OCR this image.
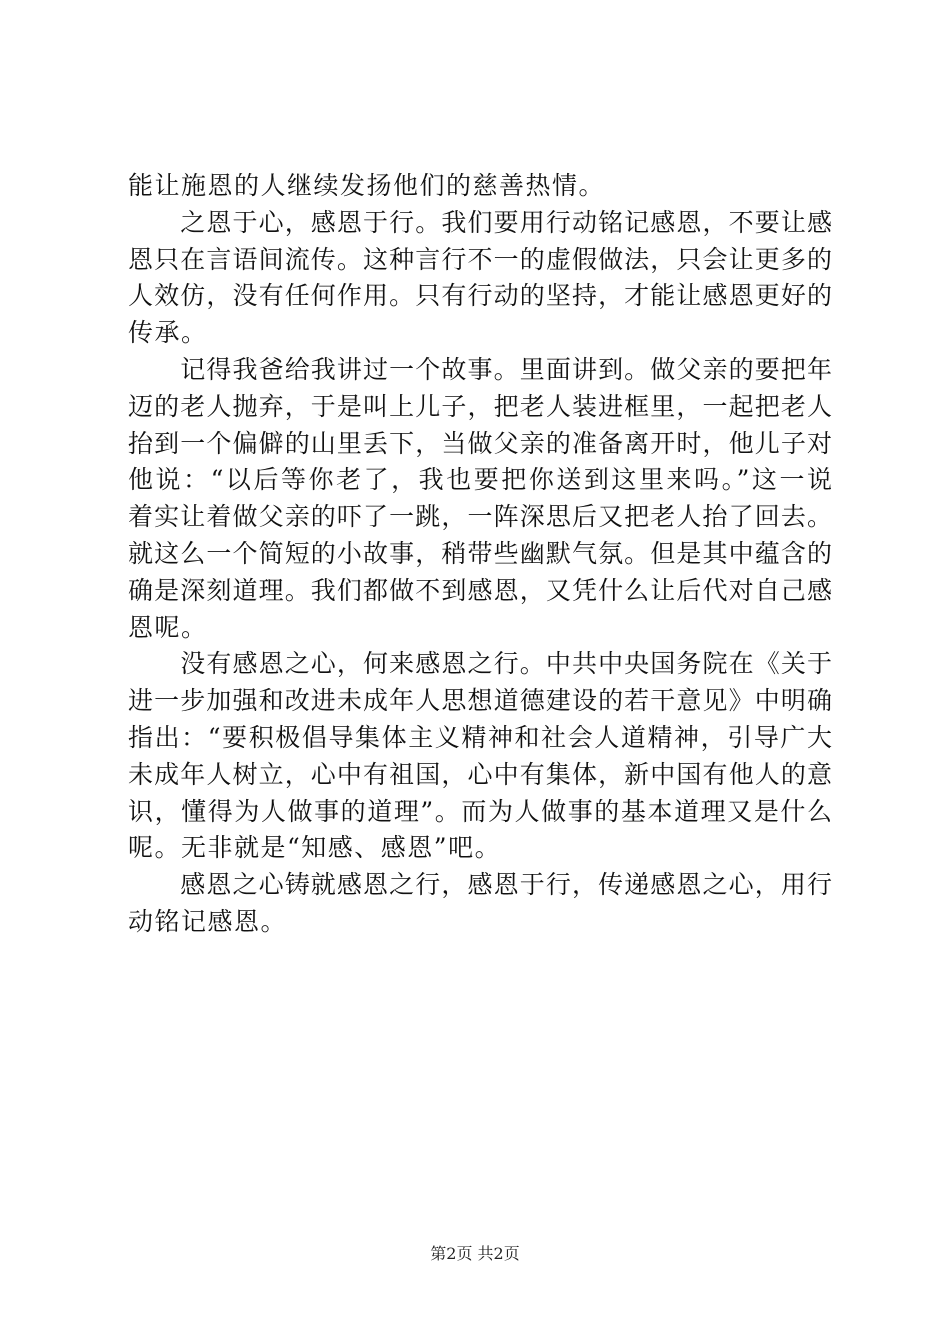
能让施恩的人继续发扬他们的慈善热情。
　　之恩于心，感恩于行。我们要用行动铭记感恩，不要让感
恩只在言语间流传。这种言行不一的虚假做法，只会让更多的
人效仿，没有任何作用。只有行动的坚持，才能让感恩更好的
传承。
　　记得我爸给我讲过一个故事。里面讲到。做父亲的要把年
迈的老人抛弃，于是叫上儿子，把老人装进框里，一起把老人
抬到一个偏僻的山里丢下，当做父亲的准备离开时，他儿子对
他说：“以后等你老了，我也要把你送到这里来吗。”这一说
着实让着做父亲的吓了一跳，一阵深思后又把老人抬了回去。
就这么一个简短的小故事，稍带些幽默气氛。但是其中蕴含的
确是深刻道理。我们都做不到感恩，又凭什么让后代对自己感
恩呢。
　　没有感恩之心，何来感恩之行。中共中央国务院在《关于
进一步加强和改进未成年人思想道德建设的若干意见》中明确
指出：“要积极倡导集体主义精神和社会人道精神，引导广大
未成年人树立，心中有祖国，心中有集体，新中国有他人的意
识，懂得为人做事的道理”。而为人做事的基本道理又是什么
呢。无非就是“知感、感恩”吧。
　　感恩之心铸就感恩之行，感恩于行，传递感恩之心，用行
动铭记感恩。
第2页 共2页
